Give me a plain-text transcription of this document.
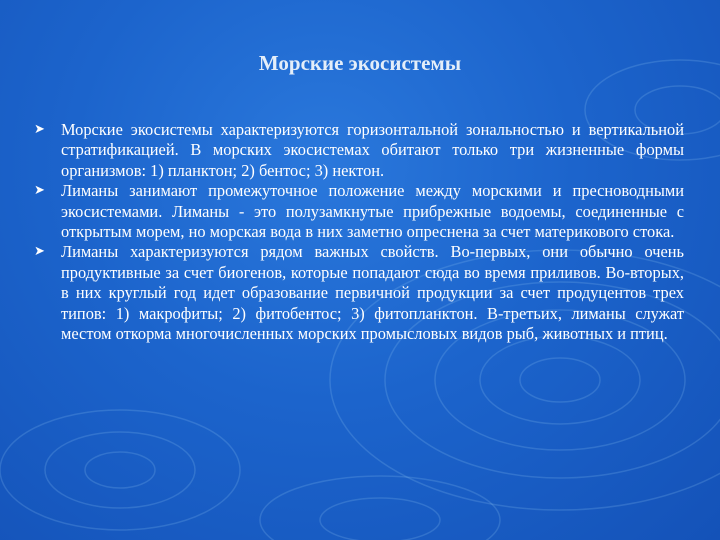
Морские экосистемы
➤ Морские экосистемы характеризуются горизонтальной зональностью и вертикальной стратификацией. В морских экосистемах обитают только три жизненные формы организмов: 1) планктон; 2) бентос; 3) нектон.
➤ Лиманы занимают промежуточное положение между морскими и пресноводными экосистемами. Лиманы - это полузамкнутые прибрежные водоемы, соединенные с открытым морем, но морская вода в них заметно опреснена за счет материкового стока.
➤ Лиманы характеризуются рядом важных свойств. Во-первых, они обычно очень продуктивные за счет биогенов, которые попадают сюда во время приливов. Во-вторых, в них круглый год идет образование первичной продукции за счет продуцентов трех типов: 1) макрофиты; 2) фитобентос; 3) фитопланктон. В-третьих, лиманы служат местом откорма многочисленных морских промысловых видов рыб, животных и птиц.
